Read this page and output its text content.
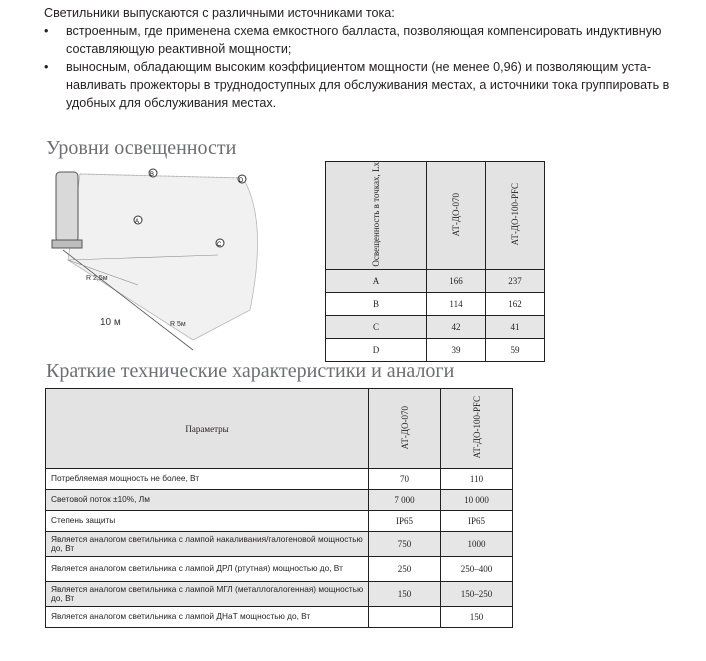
Светильники выпускаются с различными источниками тока:

• встроенным, где применена схема емкостного балласта, позволяющая компенсировать индуктивную составляющую реактивной мощности;

• выносным, обладающим высоким коэффициентом мощности (не менее 0,96) и позволяющим устанавливать прожекторы в труднодоступных для обслуживания местах, а источники тока группировать в удобных для обслуживания местах.

Уровни освещенности
A
B
C
D
R 2,5м
R 5м
10 м
Освещенность в точках, Lx	АТ-ДО-070	АТ-ДО-100-PFC
A	166	237
B	114	162
C	42	41
D	39	59
Краткие технические характеристики и аналоги
Параметры	АТ-ДО-070	АТ-ДО-100-PFC
Потребляемая мощность не более, Вт	70	110
Световой поток ±10%, Лм	7 000	10 000
Степень защиты	IP65	IP65
Является аналогом светильника с лампой накаливания/галогеновой мощностью до, Вт	750	1000
Является аналогом светильника с лампой ДРЛ (ртутная) мощностью до, Вт	250	250–400
Является аналогом светильника с лампой МГЛ (металлогалогенная) мощностью до, Вт	150	150–250
Является аналогом светильника с лампой ДНаТ мощностью до, Вт		150
